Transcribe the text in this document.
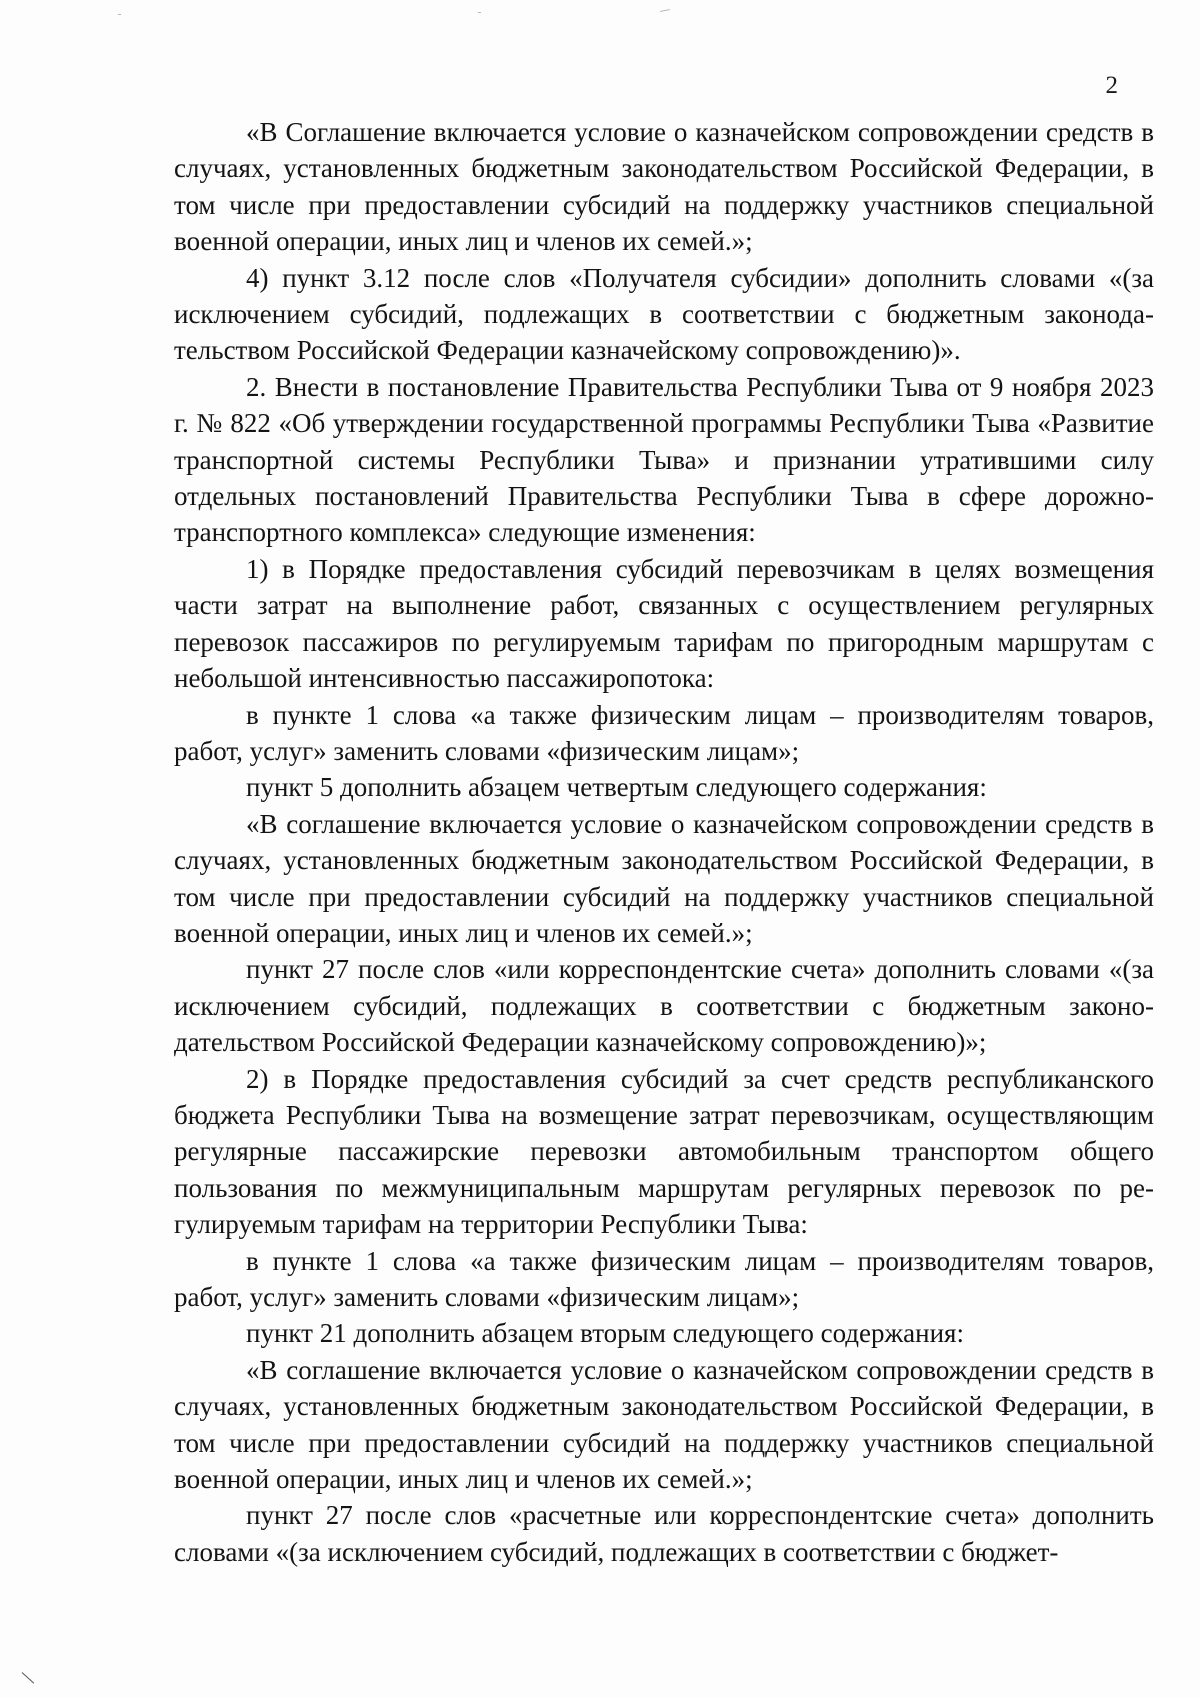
2

«В Соглашение включается условие о казначейском сопровождении средств в случаях, установленных бюджетным законодательством Российской Федерации, в том числе при предоставлении субсидий на поддержку участников специальной военной операции, иных лиц и членов их семей.»;

4) пункт 3.12 после слов «Получателя субсидии» дополнить словами «(за исключением субсидий, подлежащих в соответствии с бюджетным законодательством Российской Федерации казначейскому сопровождению)».

2. Внести в постановление Правительства Республики Тыва от 9 ноября 2023 г. № 822 «Об утверждении государственной программы Республики Тыва «Развитие транспортной системы Республики Тыва» и признании утратившими силу отдельных постановлений Правительства Республики Тыва в сфере дорожно-транспортного комплекса» следующие изменения:

1) в Порядке предоставления субсидий перевозчикам в целях возмещения части затрат на выполнение работ, связанных с осуществлением регулярных перевозок пассажиров по регулируемым тарифам по пригородным маршрутам с небольшой интенсивностью пассажиропотока:

в пункте 1 слова «а также физическим лицам – производителям товаров, работ, услуг» заменить словами «физическим лицам»;

пункт 5 дополнить абзацем четвертым следующего содержания:

«В соглашение включается условие о казначейском сопровождении средств в случаях, установленных бюджетным законодательством Российской Федерации, в том числе при предоставлении субсидий на поддержку участников специальной военной операции, иных лиц и членов их семей.»;

пункт 27 после слов «или корреспондентские счета» дополнить словами «(за исключением субсидий, подлежащих в соответствии с бюджетным законодательством Российской Федерации казначейскому сопровождению)»;

2) в Порядке предоставления субсидий за счет средств республиканского бюджета Республики Тыва на возмещение затрат перевозчикам, осуществляющим регулярные пассажирские перевозки автомобильным транспортом общего пользования по межмуниципальным маршрутам регулярных перевозок по регулируемым тарифам на территории Республики Тыва:

в пункте 1 слова «а также физическим лицам – производителям товаров, работ, услуг» заменить словами «физическим лицам»;

пункт 21 дополнить абзацем вторым следующего содержания:

«В соглашение включается условие о казначейском сопровождении средств в случаях, установленных бюджетным законодательством Российской Федерации, в том числе при предоставлении субсидий на поддержку участников специальной военной операции, иных лиц и членов их семей.»;

пункт 27 после слов «расчетные или корреспондентские счета» дополнить словами «(за исключением субсидий, подлежащих в соответствии с бюджет-
